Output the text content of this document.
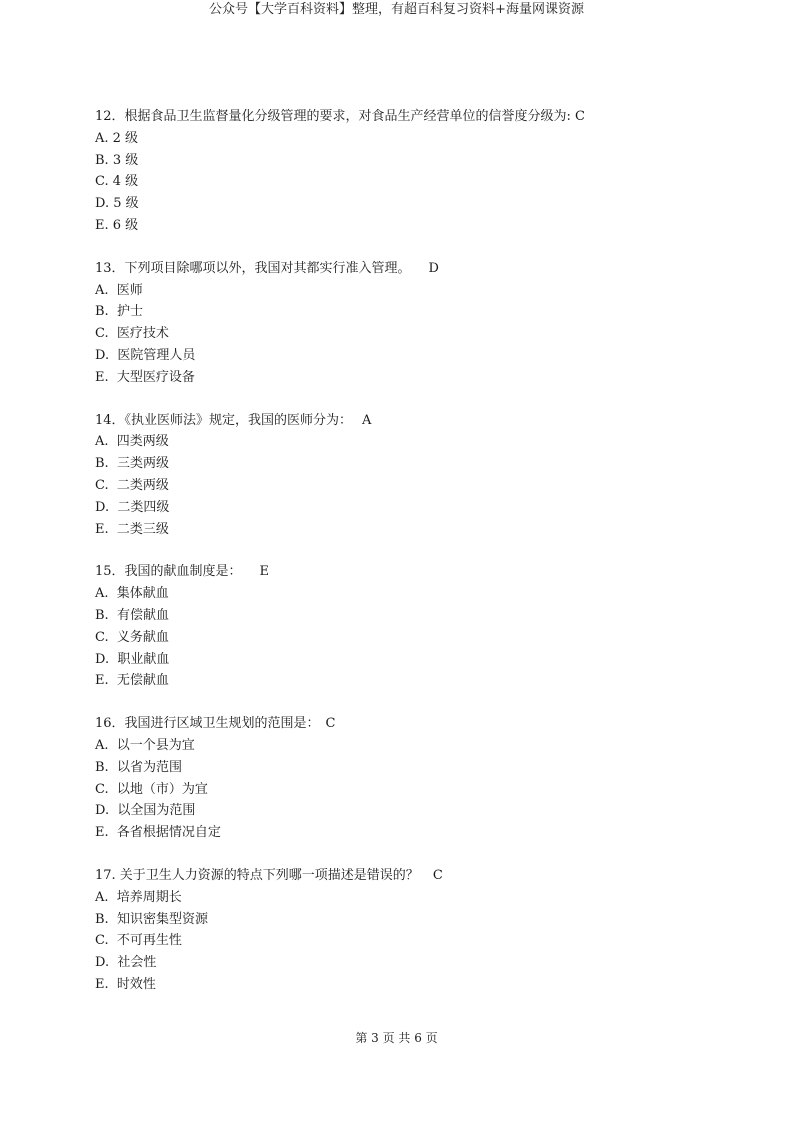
公众号【大学百科资料】整理，有超百科复习资料+海量网课资源
12．根据食品卫生监督量化分级管理的要求，对食品生产经营单位的信誉度分级为: C
A. 2 级
B. 3 级
C. 4 级
D. 5 级
E. 6 级
13．下列项目除哪项以外，我国对其都实行准入管理。 D
A.  医师
B.  护士
C.  医疗技术
D.  医院管理人员
E.  大型医疗设备
14．《执业医师法》规定，我国的医师分为： A
A.  四类两级
B.  三类两级
C.  二类两级
D.  二类四级
E.  二类三级
15．我国的献血制度是： E
A.  集体献血
B.  有偿献血
C.  义务献血
D.  职业献血
E.  无偿献血
16．我国进行区域卫生规划的范围是： C
A.  以一个县为宜
B.  以省为范围
C.  以地（市）为宜
D.  以全国为范围
E.  各省根据情况自定
17. 关于卫生人力资源的特点下列哪一项描述是错误的？ C
A.  培养周期长
B.  知识密集型资源
C.  不可再生性
D.  社会性
E.  时效性
第 3 页 共 6 页
